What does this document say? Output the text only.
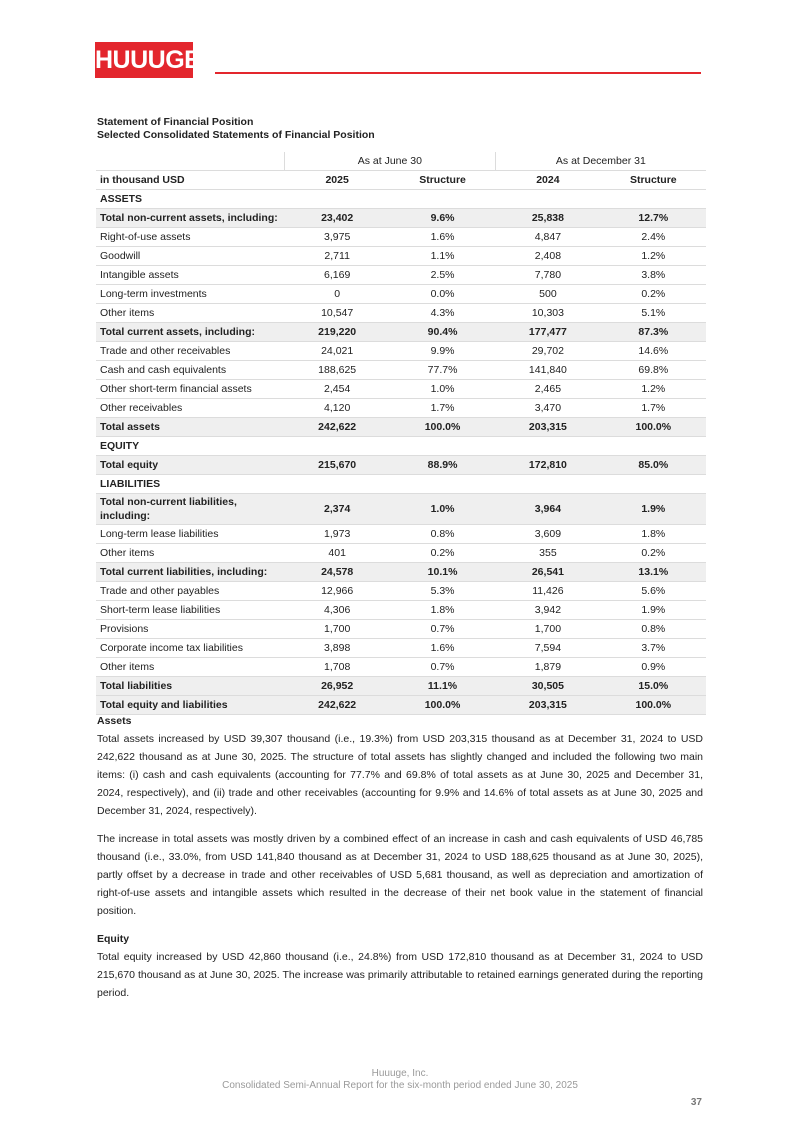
HUUUGE
Statement of Financial Position
Selected Consolidated Statements of Financial Position
	As at June 30		As at December 31	
in thousand USD	2025	Structure	2024	Structure
ASSETS				
Total non-current assets, including:	23,402	9.6%	25,838	12.7%
Right-of-use assets	3,975	1.6%	4,847	2.4%
Goodwill	2,711	1.1%	2,408	1.2%
Intangible assets	6,169	2.5%	7,780	3.8%
Long-term investments	0	0.0%	500	0.2%
Other items	10,547	4.3%	10,303	5.1%
Total current assets, including:	219,220	90.4%	177,477	87.3%
Trade and other receivables	24,021	9.9%	29,702	14.6%
Cash and cash equivalents	188,625	77.7%	141,840	69.8%
Other short-term financial assets	2,454	1.0%	2,465	1.2%
Other receivables	4,120	1.7%	3,470	1.7%
Total assets	242,622	100.0%	203,315	100.0%
EQUITY				
Total equity	215,670	88.9%	172,810	85.0%
LIABILITIES				
Total non-current liabilities, including:	2,374	1.0%	3,964	1.9%
Long-term lease liabilities	1,973	0.8%	3,609	1.8%
Other items	401	0.2%	355	0.2%
Total current liabilities, including:	24,578	10.1%	26,541	13.1%
Trade and other payables	12,966	5.3%	11,426	5.6%
Short-term lease liabilities	4,306	1.8%	3,942	1.9%
Provisions	1,700	0.7%	1,700	0.8%
Corporate income tax liabilities	3,898	1.6%	7,594	3.7%
Other items	1,708	0.7%	1,879	0.9%
Total liabilities	26,952	11.1%	30,505	15.0%
Total equity and liabilities	242,622	100.0%	203,315	100.0%
Assets

Total assets increased by USD 39,307 thousand (i.e., 19.3%) from USD 203,315 thousand as at December 31, 2024 to USD 242,622 thousand as at June 30, 2025. The structure of total assets has slightly changed and included the following two main items: (i) cash and cash equivalents (accounting for 77.7% and 69.8% of total assets as at June 30, 2025 and December 31, 2024, respectively), and (ii) trade and other receivables (accounting for 9.9% and 14.6% of total assets as at June 30, 2025 and December 31, 2024, respectively).

The increase in total assets was mostly driven by a combined effect of an increase in cash and cash equivalents of USD 46,785 thousand (i.e., 33.0%, from USD 141,840 thousand as at December 31, 2024 to USD 188,625 thousand as at June 30, 2025), partly offset by a decrease in trade and other receivables of USD 5,681 thousand, as well as depreciation and amortization of right-of-use assets and intangible assets which resulted in the decrease of their net book value in the statement of financial position.

Equity

Total equity increased by USD 42,860 thousand (i.e., 24.8%) from USD 172,810 thousand as at December 31, 2024 to USD 215,670 thousand as at June 30, 2025. The increase was primarily attributable to retained earnings generated during the reporting period.

Huuuge, Inc.
Consolidated Semi-Annual Report for the six-month period ended June 30, 2025
37
